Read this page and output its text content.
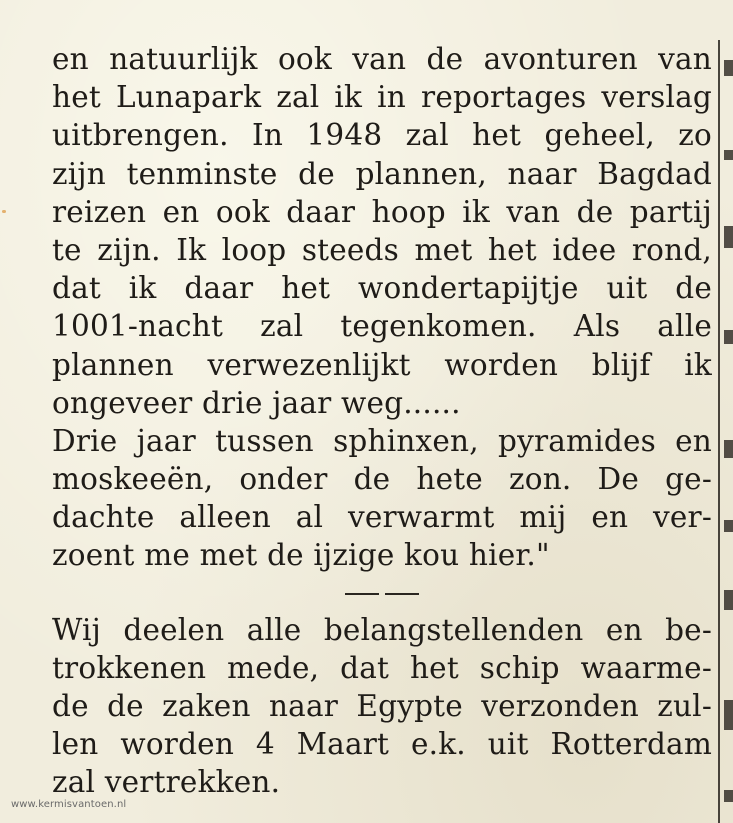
en natuurlijk ook van de avonturen van
het Lunapark zal ik in reportages verslag
uitbrengen. In 1948 zal het geheel, zo
zijn tenminste de plannen, naar Bagdad
reizen en ook daar hoop ik van de partij
te zijn. Ik loop steeds met het idee rond,
dat ik daar het wondertapijtje uit de
1001-nacht zal tegenkomen. Als alle
plannen verwezenlijkt worden blijf ik
ongeveer drie jaar weg......
Drie jaar tussen sphinxen, pyramides en
moskeeën, onder de hete zon. De ge-
dachte alleen al verwarmt mij en ver-
zoent me met de ijzige kou hier."
Wij deelen alle belangstellenden en be-
trokkenen mede, dat het schip waarme-
de de zaken naar Egypte verzonden zul-
len worden 4 Maart e.k. uit Rotterdam
zal vertrekken.
www.kermisvantoen.nl
